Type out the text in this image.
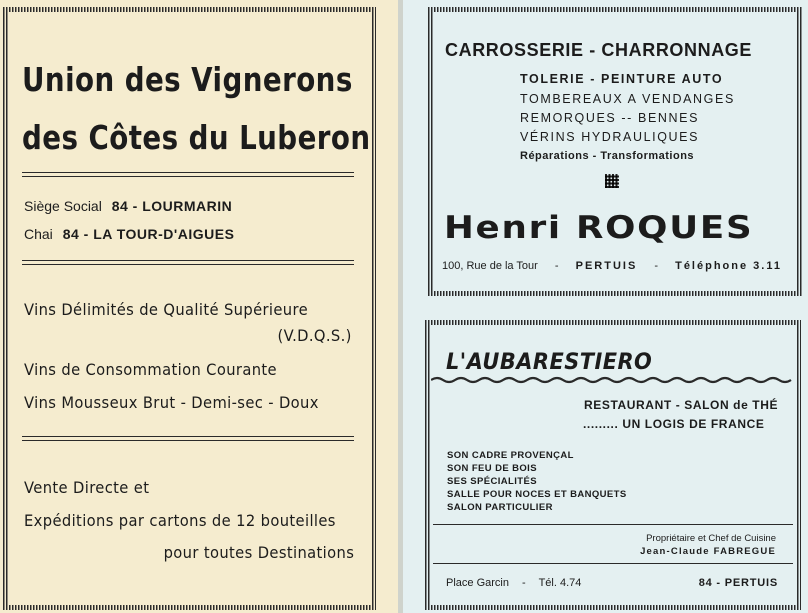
Union des Vignerons
des Côtes du Luberon
Siège Social 84 - LOURMARIN
Chai 84 - LA TOUR-D'AIGUES
Vins Délimités de Qualité Supérieure
(V.D.Q.S.)
Vins de Consommation Courante
Vins Mousseux Brut - Demi-sec - Doux
Vente Directe et
Expéditions par cartons de 12 bouteilles
pour toutes Destinations
CARROSSERIE - CHARRONNAGE
TOLERIE - PEINTURE AUTO
TOMBEREAUX A VENDANGES
REMORQUES -- BENNES
VÉRINS HYDRAULIQUES
Réparations - Transformations
Henri ROQUES
100, Rue de la Tour - PERTUIS - Téléphone 3.11
L'AUBARESTIERO
RESTAURANT - SALON de THÉ
......... UN LOGIS DE FRANCE
SON CADRE PROVENÇAL
SON FEU DE BOIS
SES SPÉCIALITÉS
SALLE POUR NOCES ET BANQUETS
SALON PARTICULIER
Propriétaire et Chef de Cuisine
Jean-Claude FABREGUE
Place Garcin - Tél. 4.74	84 - PERTUIS
